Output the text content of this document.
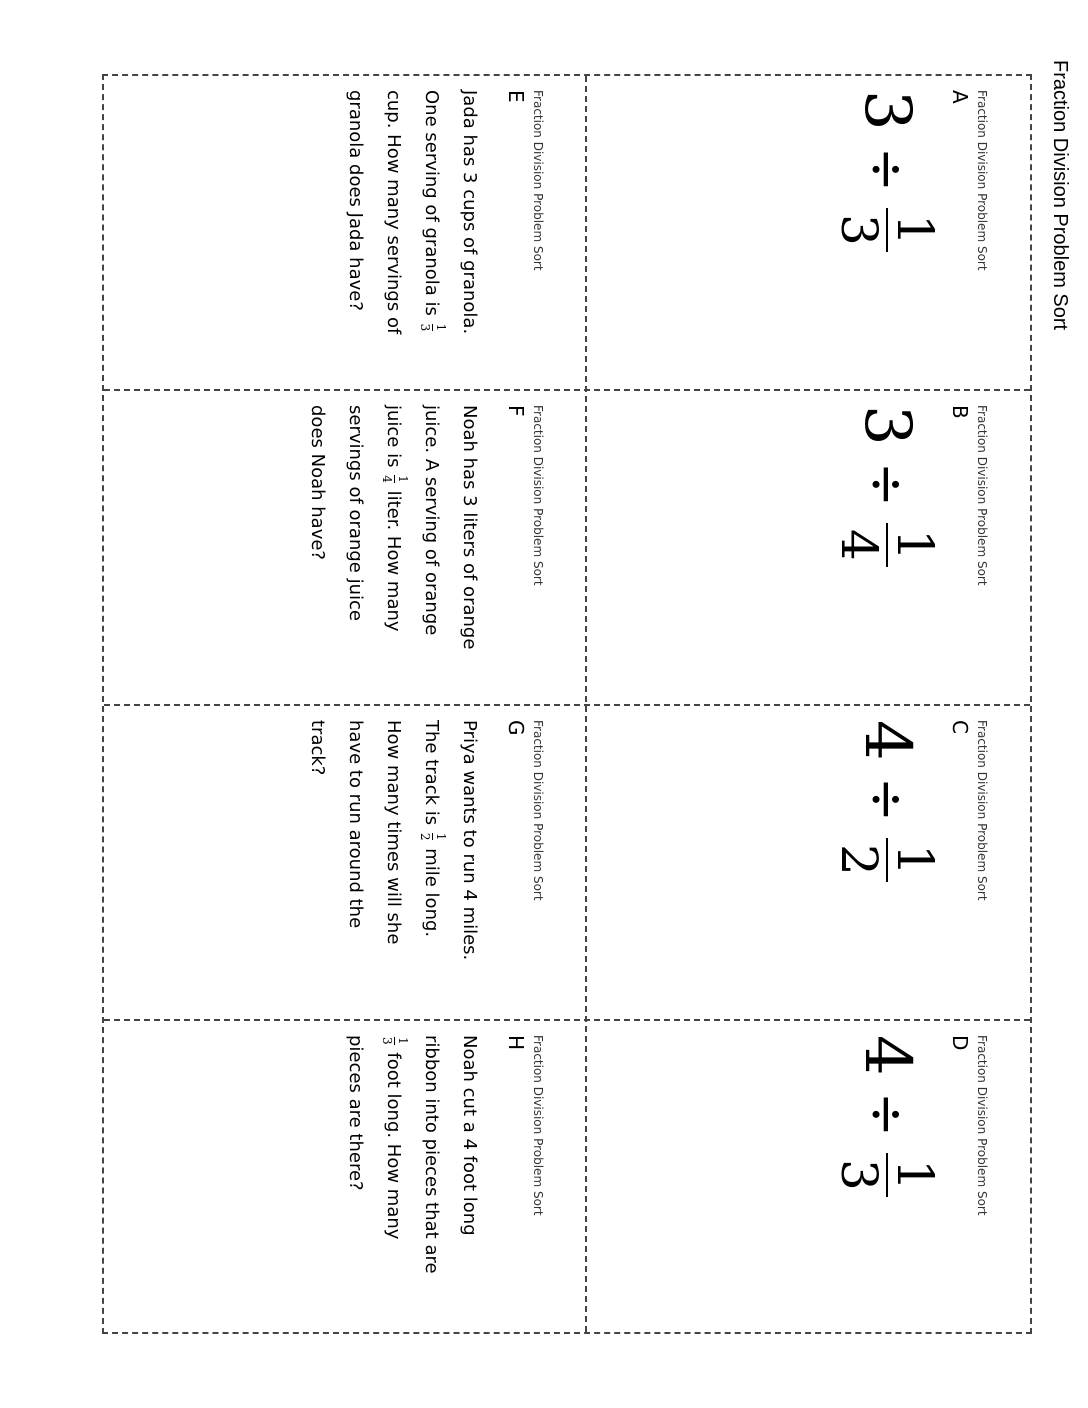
Fraction Division Problem Sort
Fraction Division Problem Sort
A
3
÷
1
3
Fraction Division Problem Sort
B
3
÷
1
4
Fraction Division Problem Sort
C
4
÷
1
2
Fraction Division Problem Sort
D
4
÷
1
3
Fraction Division Problem Sort
E
Jada has 3 cups of granola. One serving of granola is
1
3
cup. How many servings of granola does Jada have?
Fraction Division Problem Sort
F
Noah has 3 liters of orange juice. A serving of orange juice is
1
4
liter. How many servings of orange juice does Noah have?
Fraction Division Problem Sort
G
Priya wants to run 4 miles. The track is
1
2
mile long. How many times will she have to run around the track?
Fraction Division Problem Sort
H
Noah cut a 4 foot long ribbon into pieces that are
1
3
foot long. How many pieces are there?
